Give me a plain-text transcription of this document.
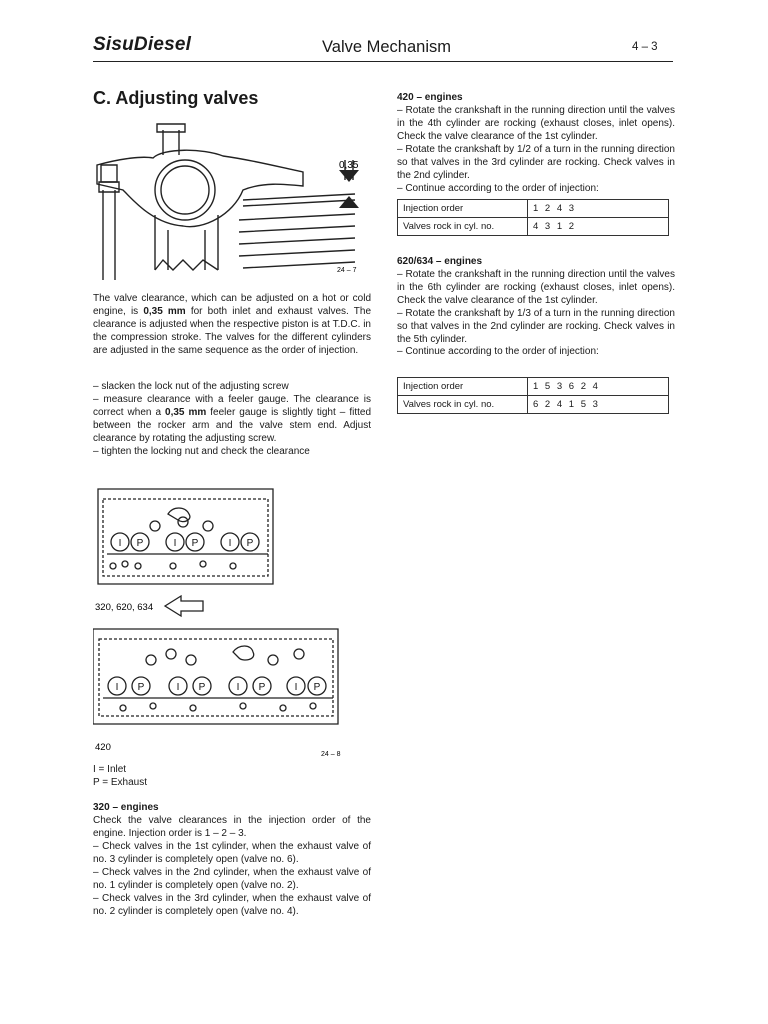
SisuDiesel	Valve Mechanism	4 – 3
C. Adjusting valves
0,35
24 – 7

The valve clearance, which can be adjusted on a hot or cold engine, is 0,35 mm for both inlet and exhaust valves. The clearance is adjusted when the respective piston is at T.D.C. in the compression stroke. The valves for the different cylinders are adjusted in the same sequence as the order of injection.

– slacken the lock nut of the adjusting screw

– measure clearance with a feeler gauge. The clearance is correct when a 0,35 mm feeler gauge is slightly tight – fitted between the rocker arm and the valve stem end. Adjust clearance by rotating the adjusting screw.

– tighten the locking nut and check the clearance
I P	I P	I P
I P	I P	I P	I P
320, 620, 634
420
24 – 8
I = Inlet
P = Exhaust
320 – engines
Check the valve clearances in the injection order of the engine. Injection order is 1 – 2 – 3.
– Check valves in the 1st cylinder, when the exhaust valve of no. 3 cylinder is completely open (valve no. 6).
– Check valves in the 2nd cylinder, when the exhaust valve of no. 1 cylinder is completely open (valve no. 2).
– Check valves in the 3rd cylinder, when the exhaust valve of no. 2 cylinder is completely open (valve no. 4).
420 – engines
– Rotate the crankshaft in the running direction until the valves in the 4th cylinder are rocking (exhaust closes, inlet opens). Check the valve clearance of the 1st cylinder.
– Rotate the crankshaft by 1/2 of a turn in the running direction so that valves in the 3rd cylinder are rocking. Check valves in the 2nd cylinder.
– Continue according to the order of injection:
Injection order	1 2 4 3
Valves rock in cyl. no.	4 3 1 2
620/634 – engines
– Rotate the crankshaft in the running direction until the valves in the 6th cylinder are rocking (exhaust closes, inlet opens). Check the valve clearance of the 1st cylinder.
– Rotate the crankshaft by 1/3 of a turn in the running direction so that valves in the 2nd cylinder are rocking. Check valves in the 5th cylinder.
– Continue according to the order of injection:
Injection order	1 5 3 6 2 4
Valves rock in cyl. no.	6 2 4 1 5 3
